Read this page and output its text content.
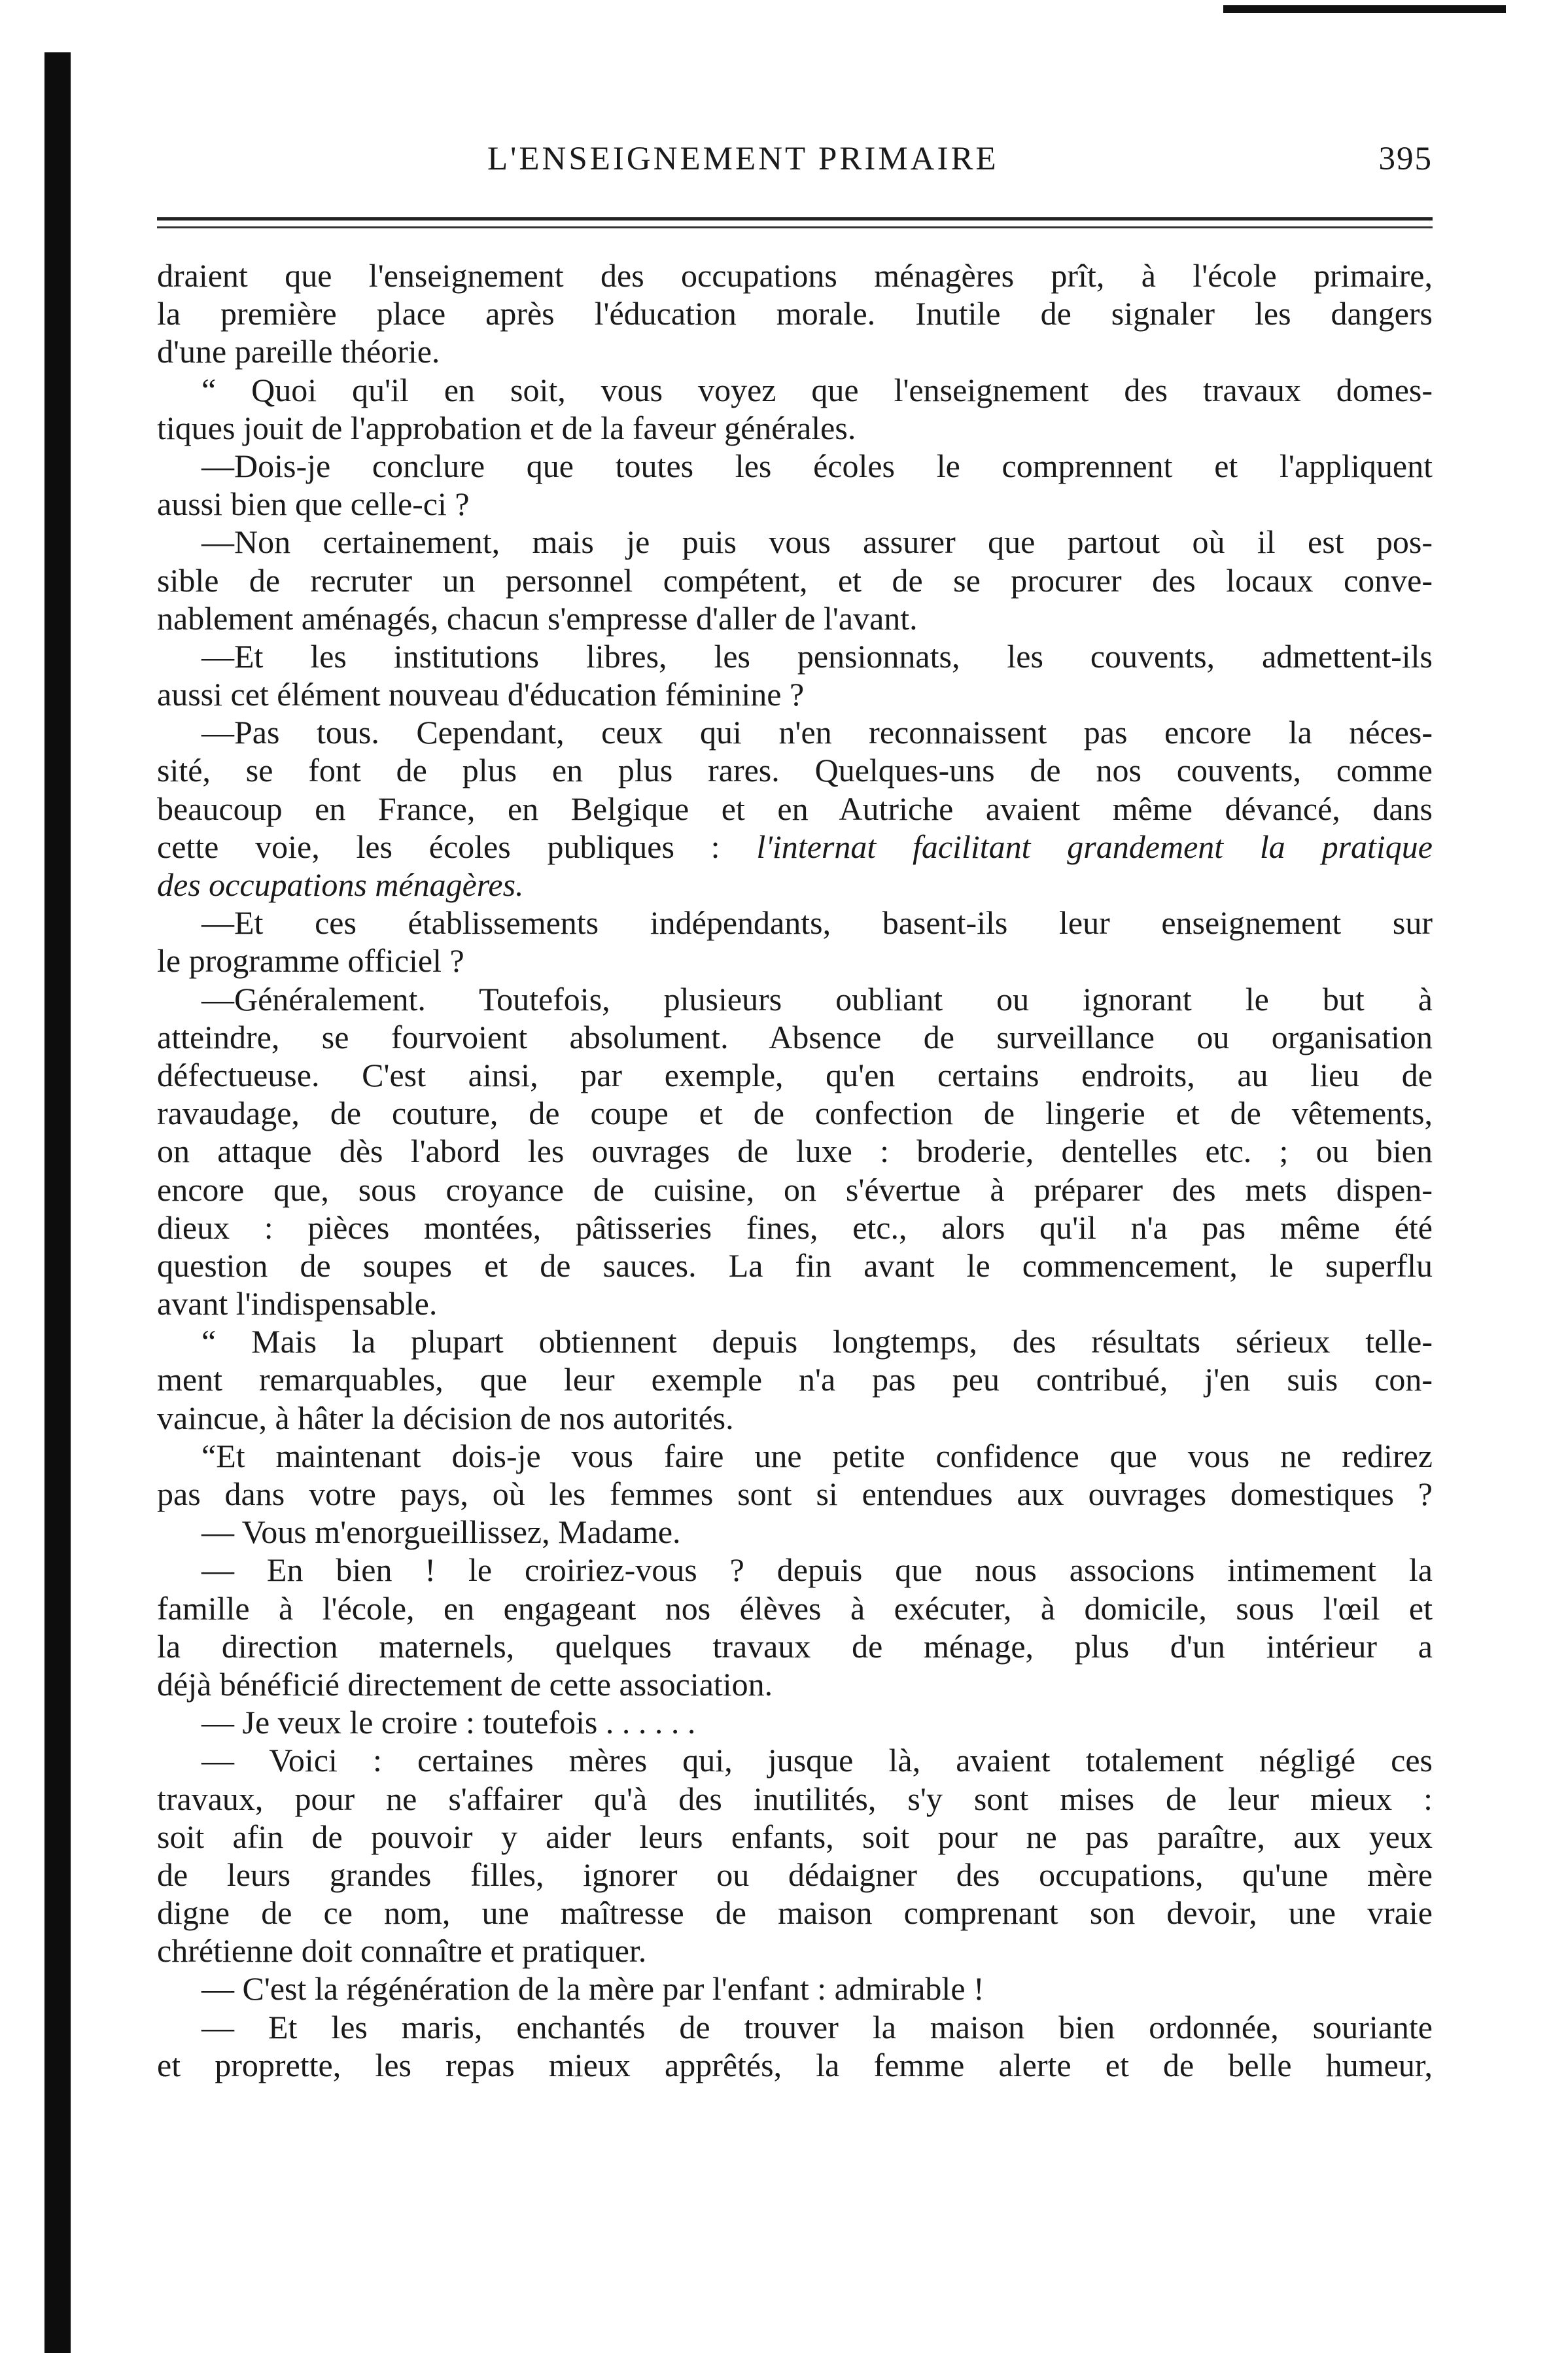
L'ENSEIGNEMENT PRIMAIRE	395
draient que l'enseignement des occupations ménagères prît, à l'école primaire,
la première place après l'éducation morale. Inutile de signaler les dangers
d'une pareille théorie.
“ Quoi qu'il en soit, vous voyez que l'enseignement des travaux domes-
tiques jouit de l'approbation et de la faveur générales.
—Dois-je conclure que toutes les écoles le comprennent et l'appliquent
aussi bien que celle-ci ?
—Non certainement, mais je puis vous assurer que partout où il est pos-
sible de recruter un personnel compétent, et de se procurer des locaux conve-
nablement aménagés, chacun s'empresse d'aller de l'avant.
—Et les institutions libres, les pensionnats, les couvents, admettent-ils
aussi cet élément nouveau d'éducation féminine ?
—Pas tous. Cependant, ceux qui n'en reconnaissent pas encore la néces-
sité, se font de plus en plus rares. Quelques-uns de nos couvents, comme
beaucoup en France, en Belgique et en Autriche avaient même dévancé, dans
cette voie, les écoles publiques : l'internat facilitant grandement la pratique
des occupations ménagères.
—Et ces établissements indépendants, basent-ils leur enseignement sur
le programme officiel ?
—Généralement. Toutefois, plusieurs oubliant ou ignorant le but à
atteindre, se fourvoient absolument. Absence de surveillance ou organisation
défectueuse. C'est ainsi, par exemple, qu'en certains endroits, au lieu de
ravaudage, de couture, de coupe et de confection de lingerie et de vêtements,
on attaque dès l'abord les ouvrages de luxe : broderie, dentelles etc. ; ou bien
encore que, sous croyance de cuisine, on s'évertue à préparer des mets dispen-
dieux : pièces montées, pâtisseries fines, etc., alors qu'il n'a pas même été
question de soupes et de sauces. La fin avant le commencement, le superflu
avant l'indispensable.
“ Mais la plupart obtiennent depuis longtemps, des résultats sérieux telle-
ment remarquables, que leur exemple n'a pas peu contribué, j'en suis con-
vaincue, à hâter la décision de nos autorités.
“Et maintenant dois-je vous faire une petite confidence que vous ne redirez
pas dans votre pays, où les femmes sont si entendues aux ouvrages domestiques ?
— Vous m'enorgueillissez, Madame.
— En bien ! le croiriez-vous ? depuis que nous associons intimement la
famille à l'école, en engageant nos élèves à exécuter, à domicile, sous l'œil et
la direction maternels, quelques travaux de ménage, plus d'un intérieur a
déjà bénéficié directement de cette association.
— Je veux le croire : toutefois . . . . . .
— Voici : certaines mères qui, jusque là, avaient totalement négligé ces
travaux, pour ne s'affairer qu'à des inutilités, s'y sont mises de leur mieux :
soit afin de pouvoir y aider leurs enfants, soit pour ne pas paraître, aux yeux
de leurs grandes filles, ignorer ou dédaigner des occupations, qu'une mère
digne de ce nom, une maîtresse de maison comprenant son devoir, une vraie
chrétienne doit connaître et pratiquer.
— C'est la régénération de la mère par l'enfant : admirable !
— Et les maris, enchantés de trouver la maison bien ordonnée, souriante
et proprette, les repas mieux apprêtés, la femme alerte et de belle humeur,
